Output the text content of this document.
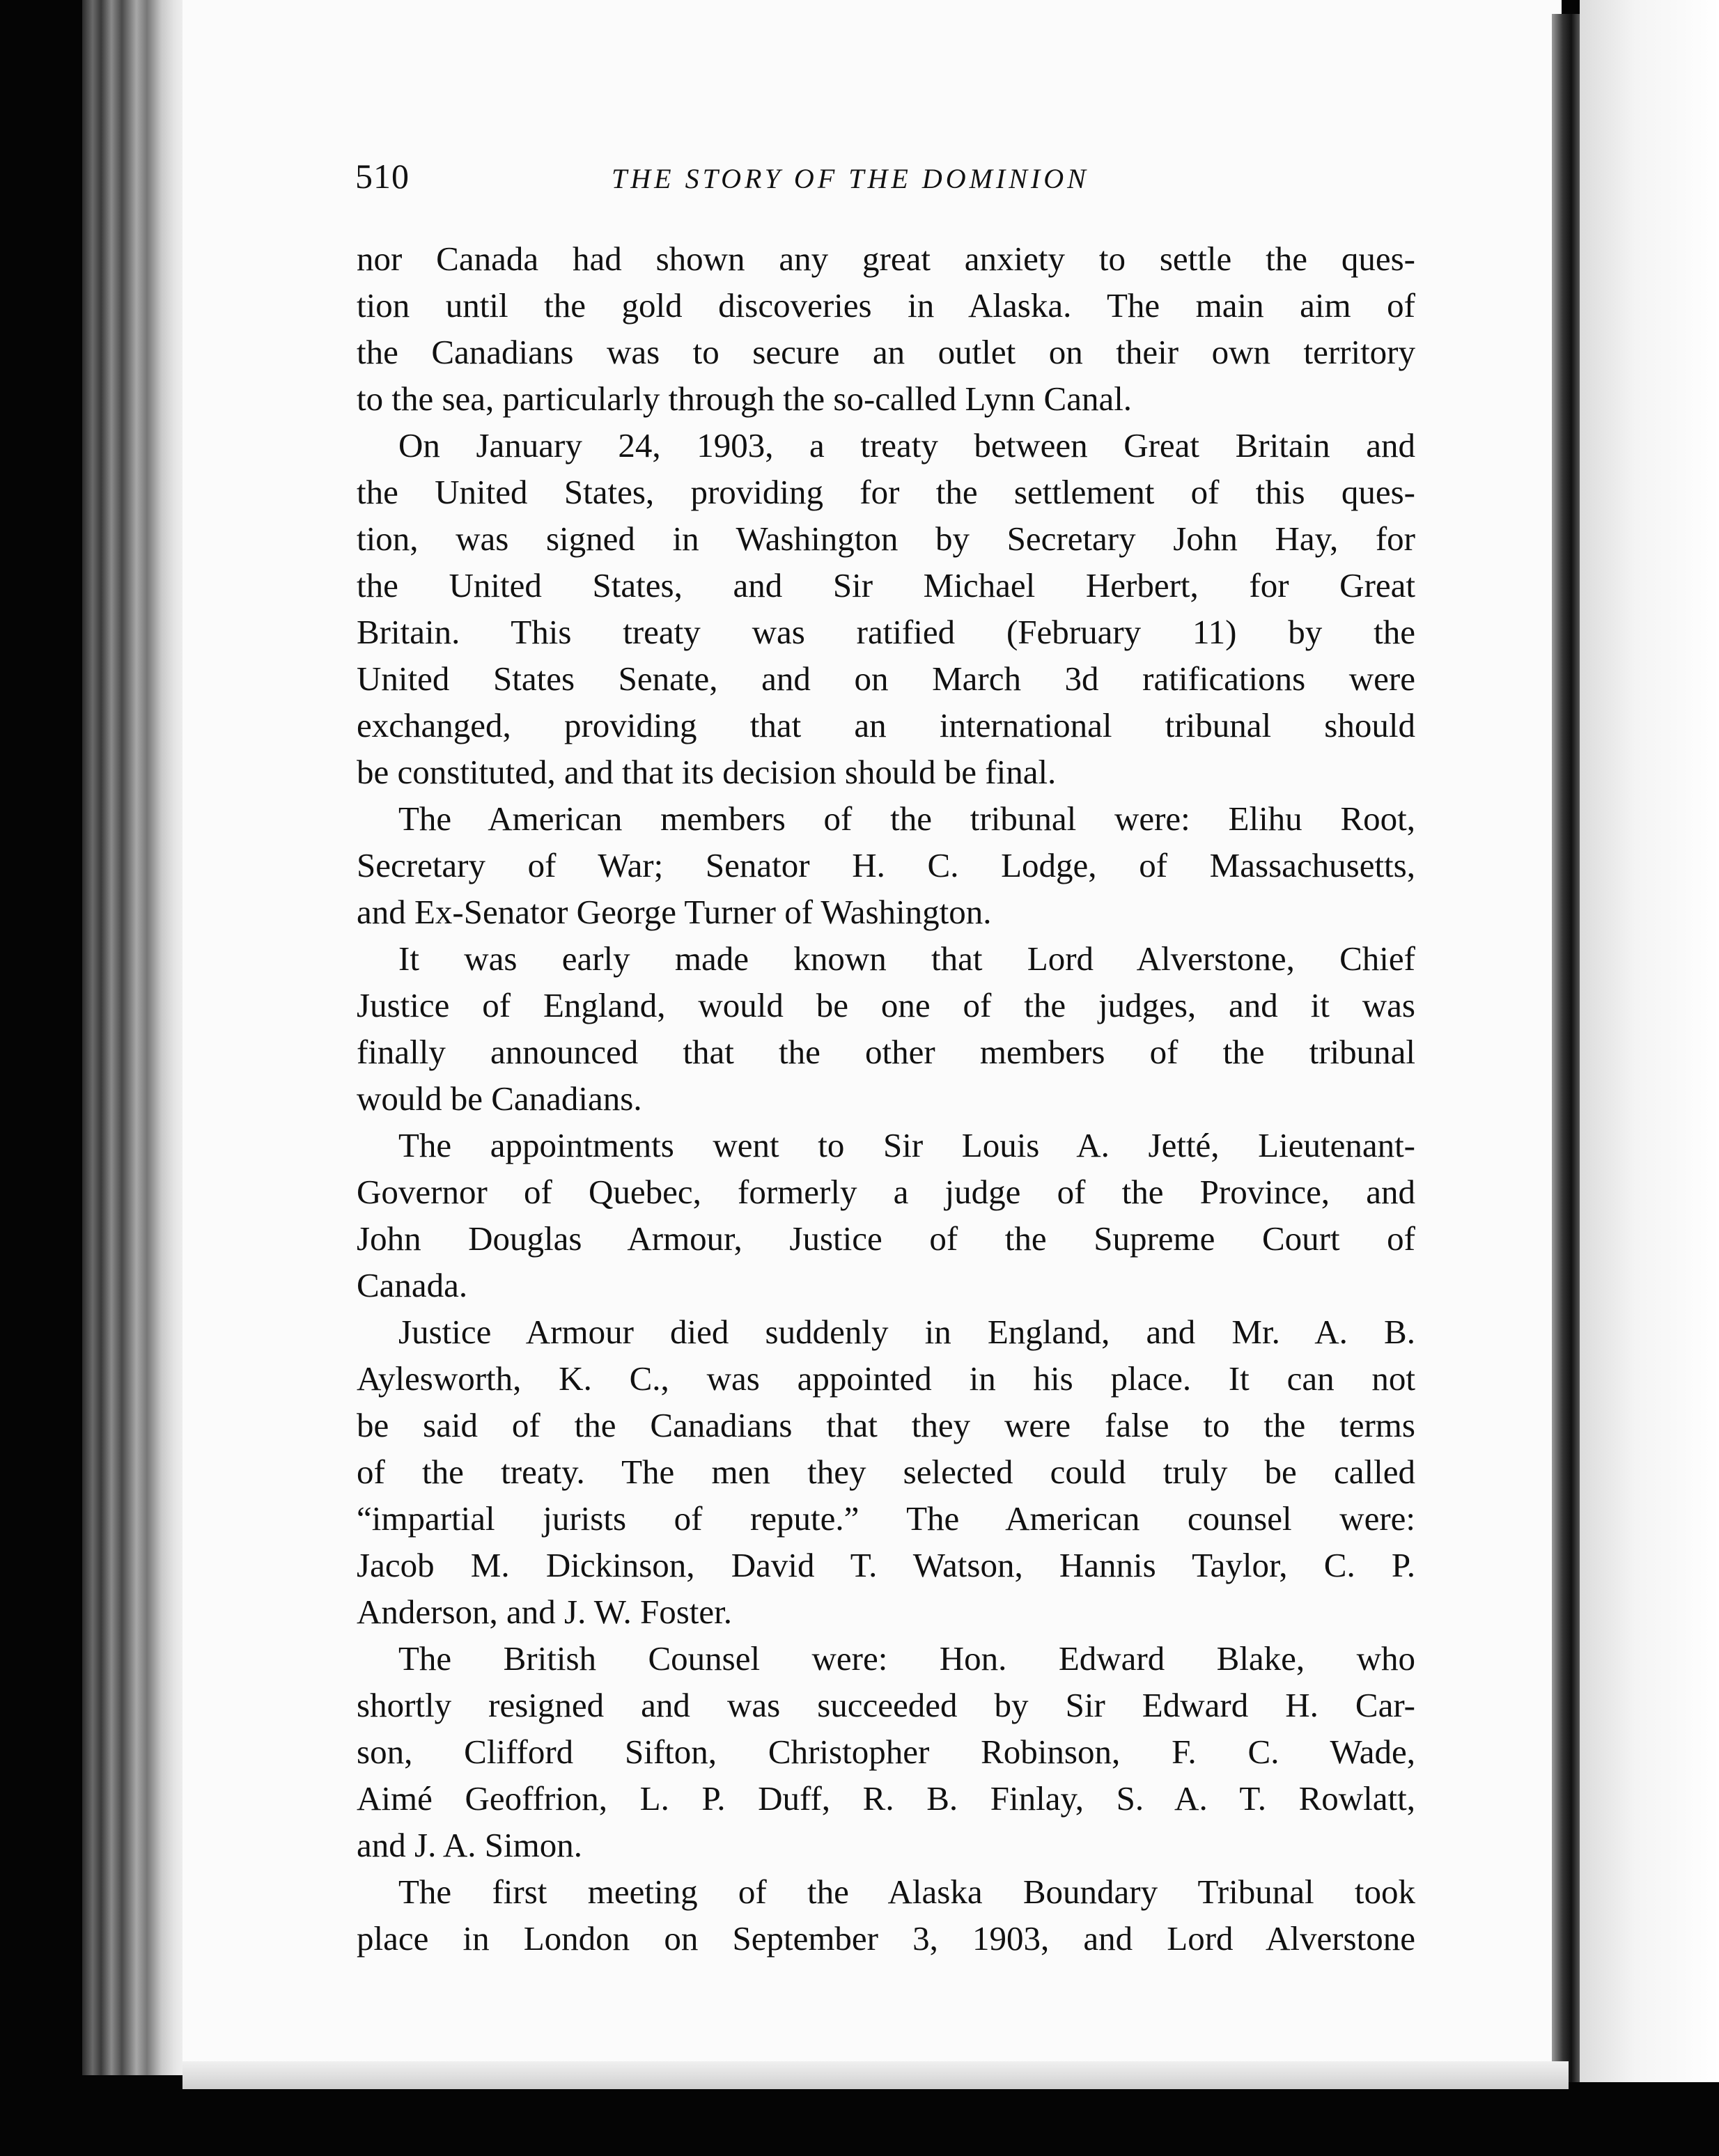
510	THE STORY OF THE DOMINION

nor Canada had shown any great anxiety to settle the ques-
tion until the gold discoveries in Alaska. The main aim of
the Canadians was to secure an outlet on their own territory
to the sea, particularly through the so-called Lynn Canal.

On January 24, 1903, a treaty between Great Britain and
the United States, providing for the settlement of this ques-
tion, was signed in Washington by Secretary John Hay, for
the United States, and Sir Michael Herbert, for Great
Britain. This treaty was ratified (February 11) by the
United States Senate, and on March 3d ratifications were
exchanged, providing that an international tribunal should
be constituted, and that its decision should be final.

The American members of the tribunal were: Elihu Root,
Secretary of War; Senator H. C. Lodge, of Massachusetts,
and Ex-Senator George Turner of Washington.

It was early made known that Lord Alverstone, Chief
Justice of England, would be one of the judges, and it was
finally announced that the other members of the tribunal
would be Canadians.

The appointments went to Sir Louis A. Jetté, Lieutenant-
Governor of Quebec, formerly a judge of the Province, and
John Douglas Armour, Justice of the Supreme Court of
Canada.

Justice Armour died suddenly in England, and Mr. A. B.
Aylesworth, K. C., was appointed in his place. It can not
be said of the Canadians that they were false to the terms
of the treaty. The men they selected could truly be called
“impartial jurists of repute.” The American counsel were:
Jacob M. Dickinson, David T. Watson, Hannis Taylor, C. P.
Anderson, and J. W. Foster.

The British Counsel were: Hon. Edward Blake, who
shortly resigned and was succeeded by Sir Edward H. Car-
son, Clifford Sifton, Christopher Robinson, F. C. Wade,
Aimé Geoffrion, L. P. Duff, R. B. Finlay, S. A. T. Rowlatt,
and J. A. Simon.

The first meeting of the Alaska Boundary Tribunal took
place in London on September 3, 1903, and Lord Alverstone
